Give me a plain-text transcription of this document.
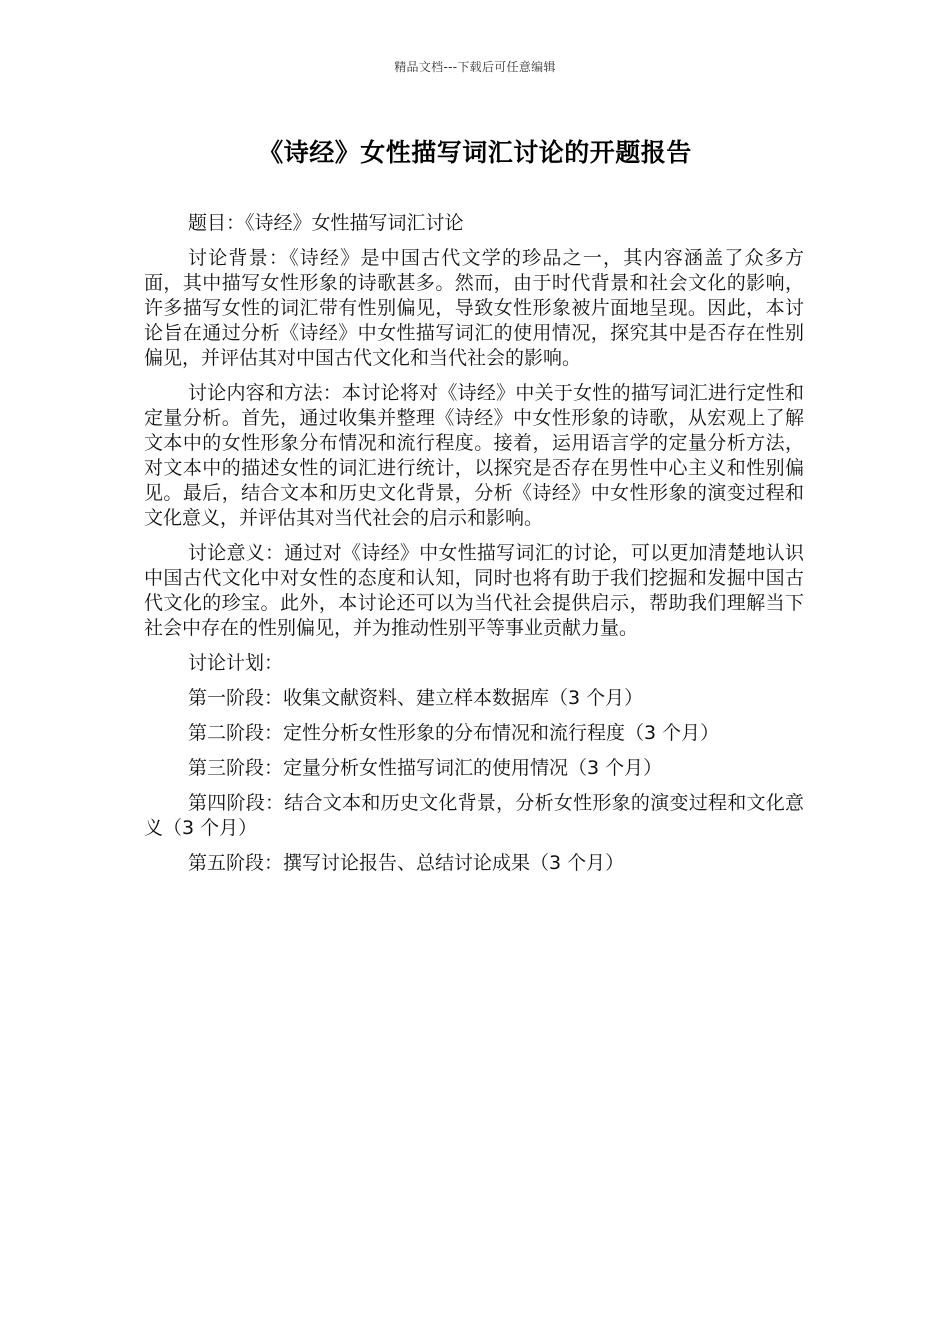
精品文档---下载后可任意编辑
《诗经》女性描写词汇讨论的开题报告

题目：《诗经》女性描写词汇讨论

讨论背景：《诗经》是中国古代文学的珍品之一，其内容涵盖了众多方面，其中描写女性形象的诗歌甚多。然而，由于时代背景和社会文化的影响，许多描写女性的词汇带有性别偏见，导致女性形象被片面地呈现。因此，本讨论旨在通过分析《诗经》中女性描写词汇的使用情况，探究其中是否存在性别偏见，并评估其对中国古代文化和当代社会的影响。

讨论内容和方法：本讨论将对《诗经》中关于女性的描写词汇进行定性和定量分析。首先，通过收集并整理《诗经》中女性形象的诗歌，从宏观上了解文本中的女性形象分布情况和流行程度。接着，运用语言学的定量分析方法，对文本中的描述女性的词汇进行统计，以探究是否存在男性中心主义和性别偏见。最后，结合文本和历史文化背景，分析《诗经》中女性形象的演变过程和文化意义，并评估其对当代社会的启示和影响。

讨论意义：通过对《诗经》中女性描写词汇的讨论，可以更加清楚地认识中国古代文化中对女性的态度和认知，同时也将有助于我们挖掘和发掘中国古代文化的珍宝。此外，本讨论还可以为当代社会提供启示，帮助我们理解当下社会中存在的性别偏见，并为推动性别平等事业贡献力量。

讨论计划：

第一阶段：收集文献资料、建立样本数据库（3 个月）

第二阶段：定性分析女性形象的分布情况和流行程度（3 个月）

第三阶段：定量分析女性描写词汇的使用情况（3 个月）

第四阶段：结合文本和历史文化背景，分析女性形象的演变过程和文化意义（3 个月）

第五阶段：撰写讨论报告、总结讨论成果（3 个月）
